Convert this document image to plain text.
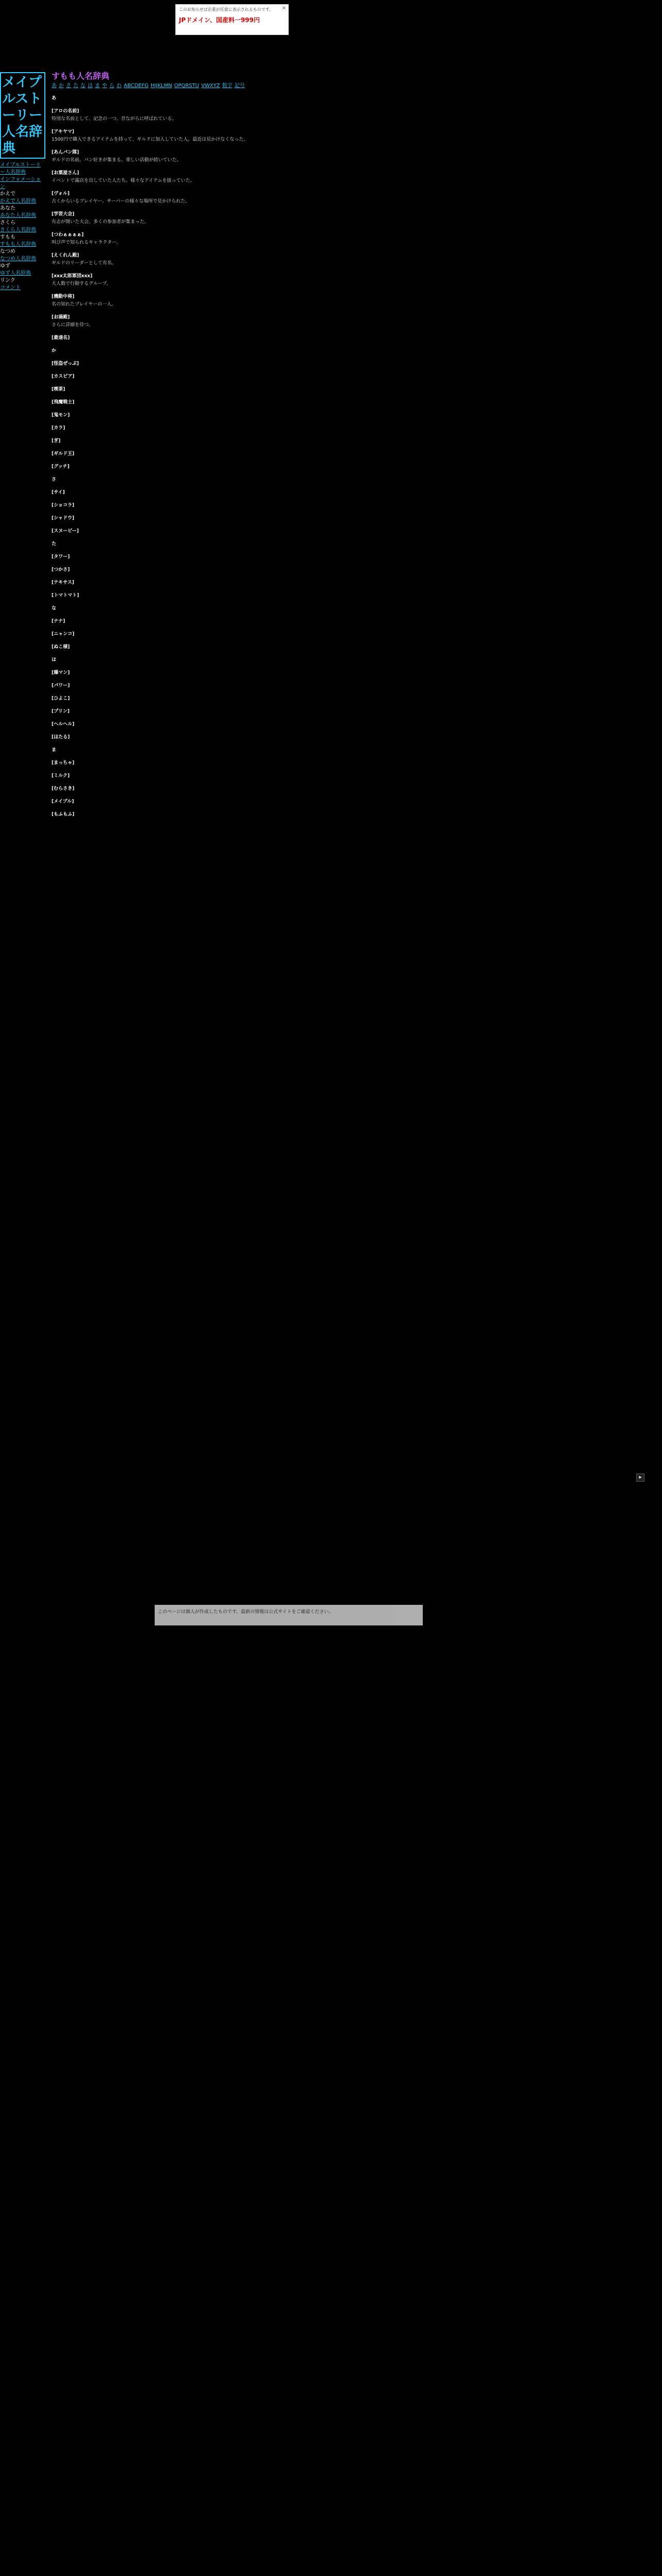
✕
このお知らせは企業が任意に表示されるものです。
JPドメイン、国産料一999円
メイプルストーリー人名辞典
メイプルストーリー人名辞典
インフォメーション
かえで
かえで人名辞典
あなた
あなた人名辞典
さくら
さくら人名辞典
すもも
すもも人名辞典
なつめ
なつめ人名辞典
ゆず
ゆず人名辞典
リンク
コメント
すもも人名辞典
あ か さ た な は ま や ら わ ABCDEFG HIJKLMN OPQRSTU VWXYZ 数字 記号
あ
[アロの名前]
特別な名前として、記念の一つ。昔ながらに呼ばれている。
[アキヤマ]
1500円で購入できるアイテムを持って、ギルドに加入していた人。最近は見かけなくなった。
[あんパン隊]
ギルドの名前。パン好きが集まる。楽しい活動が続いていた。
[お菓屋さん]
イベントで露店を出していた人たち。様々なアイテムを扱っていた。
[ヴォル]
古くからいるプレイヤー。サーバーの様々な場所で見かけられた。
[学習大会]
有志が開いた大会。多くの参加者が集まった。
[つわぁぁぁぁ]
叫び声で知られるキャラクター。
[えくれん殿]
ギルドのリーダーとして有名。
[xxx太郎軍団xxx]
大人数で行動するグループ。
[機動中将]
名の知れたプレイヤーの一人。
[お湯殿]
さらに詳細を待つ。
[最速名]
か
[怪盗ぜっぷ]
[カスピア]
[喫茶]
[飛魔戦士]
[鬼モン]
[カラ]
[ぎ]
[ギルド王]
[グッチ]
さ
[サイ]
[ショコラ]
[シャドウ]
[スヌーピー]
た
[タワー]
[つかさ]
[テキサス]
[トマトマト]
な
[ナナ]
[ニャンコ]
[ぬこ様]
は
[爆マン]
[パワー]
[ひよこ]
[プリン]
[ヘルヘル]
[ほたる]
ま
[まっちゃ]
[ミルク]
[むらさき]
[メイプル]
[もふもふ]
このページは個人が作成したものです。最新の情報は公式サイトをご確認ください。
▸
